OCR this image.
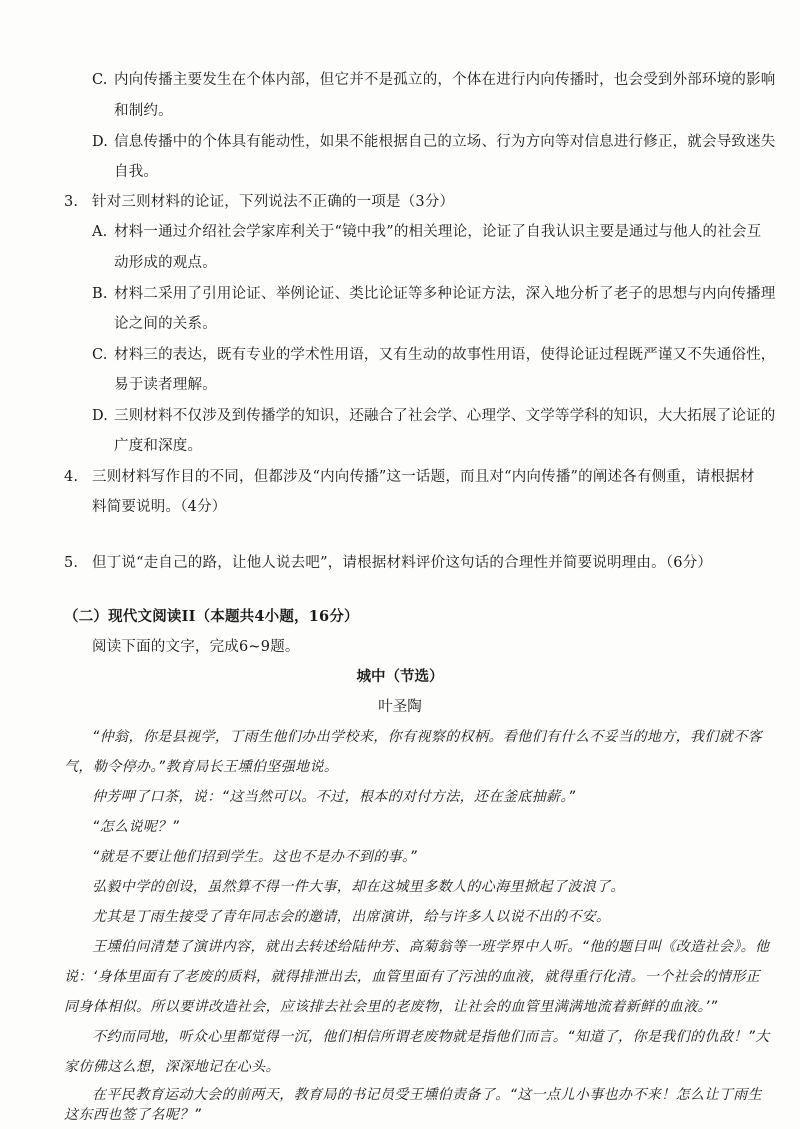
C. 内向传播主要发生在个体内部，但它并不是孤立的，个体在进行内向传播时，也会受到外部环境的影响
和制约。
D. 信息传播中的个体具有能动性，如果不能根据自己的立场、行为方向等对信息进行修正，就会导致迷失
自我。
3. 针对三则材料的论证，下列说法不正确的一项是（3分）
A. 材料一通过介绍社会学家库利关于“镜中我”的相关理论，论证了自我认识主要是通过与他人的社会互
动形成的观点。
B. 材料二采用了引用论证、举例论证、类比论证等多种论证方法，深入地分析了老子的思想与内向传播理
论之间的关系。
C. 材料三的表达，既有专业的学术性用语，又有生动的故事性用语，使得论证过程既严谨又不失通俗性，
易于读者理解。
D. 三则材料不仅涉及到传播学的知识，还融合了社会学、心理学、文学等学科的知识，大大拓展了论证的
广度和深度。
4. 三则材料写作目的不同，但都涉及“内向传播”这一话题，而且对“内向传播”的阐述各有侧重，请根据材
料简要说明。（4分）
5. 但丁说“走自己的路，让他人说去吧”，请根据材料评价这句话的合理性并简要说明理由。（6分）
（二）现代文阅读II（本题共4小题，16分）
阅读下面的文字，完成6~9题。
城中（节选）
叶圣陶
“仲翁，你是县视学，丁雨生他们办出学校来，你有视察的权柄。看他们有什么不妥当的地方，我们就不客
气，勒令停办。”教育局长王壎伯坚强地说。
仲芳呷了口茶，说：“这当然可以。不过，根本的对付方法，还在釜底抽薪。”
“怎么说呢？”
“就是不要让他们招到学生。这也不是办不到的事。”
弘毅中学的创设，虽然算不得一件大事，却在这城里多数人的心海里掀起了波浪了。
尤其是丁雨生接受了青年同志会的邀请，出席演讲，给与许多人以说不出的不安。
王壎伯问清楚了演讲内容，就出去转述给陆仲芳、高菊翁等一班学界中人听。“他的题目叫《改造社会》。他
说：‘身体里面有了老废的质料，就得排泄出去，血管里面有了污浊的血液，就得重行化清。一个社会的情形正
同身体相似。所以要讲改造社会，应该排去社会里的老废物，让社会的血管里满满地流着新鲜的血液。’”
不约而同地，听众心里都觉得一沉，他们相信所谓老废物就是指他们而言。“知道了，你是我们的仇敌！”大
家仿佛这么想，深深地记在心头。
在平民教育运动大会的前两天，教育局的书记员受王壎伯责备了。“这一点儿小事也办不来！怎么让丁雨生
这东西也签了名呢？”
